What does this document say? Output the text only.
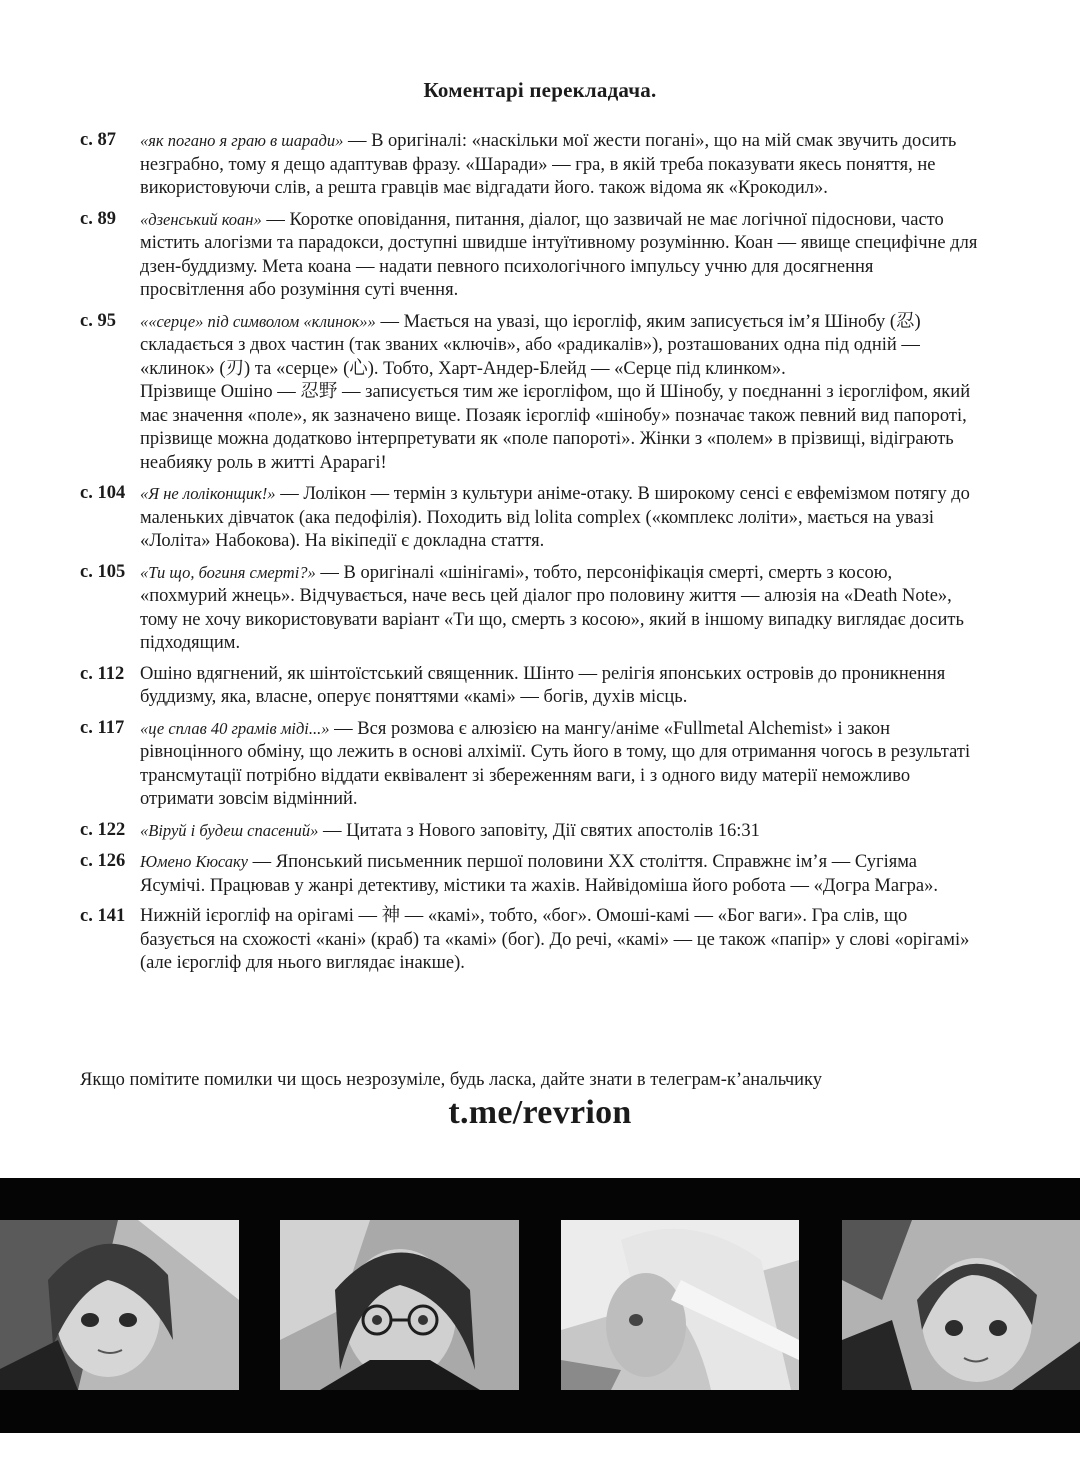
Коментарі перекладача.
с. 87	«як погано я граю в шаради» — В оригіналі: «наскільки мої жести погані», що на мій смак звучить досить незграбно, тому я дещо адаптував фразу. «Шаради» — гра, в якій треба показувати якесь поняття, не використовуючи слів, а решта гравців має відгадати його. також відома як «Крокодил».

с. 89	«дзенський коан» — Коротке оповідання, питання, діалог, що зазвичай не має логічної підоснови, часто містить алогізми та парадокси, доступні швидше інтуїтивному розумінню. Коан — явище специфічне для дзен-буддизму. Мета коана — надати певного психологічного імпульсу учню для досягнення просвітлення або розуміння суті вчення.

с. 95	««серце» під символом «клинок»» — Мається на увазі, що ієрогліф, яким записується ім’я Шінобу (忍) складається з двох частин (так званих «ключів», або «радикалів»), розташованих одна під одній — «клинок» (刃) та «серце» (心). Тобто, Харт-Андер-Блейд — «Серце під клинком».

Прізвище Ошіно — 忍野 — записується тим же ієрогліфом, що й Шінобу, у поєднанні з ієрогліфом, який має значення «поле», як зазначено вище. Позаяк ієрогліф «шінобу» позначає також певний вид папороті, прізвище можна додатково інтерпретувати як «поле папороті». Жінки з «полем» в прізвищі, відіграють неабияку роль в житті Арарагі!

с. 104 «Я не лоліконщик!» — Лолікон — термін з культури аніме-отаку. В широкому сенсі є евфемізмом потягу до маленьких дівчаток (ака педофілія). Походить від lolita complex («комплекс лоліти», мається на увазі «Лоліта» Набокова). На вікіпедії є докладна стаття.

с. 105 «Ти що, богиня смерті?» — В оригіналі «шінігамі», тобто, персоніфікація смерті, смерть з косою, «похмурий жнець». Відчувається, наче весь цей діалог про половину життя — алюзія на «Death Note», тому не хочу використовувати варіант «Ти що, смерть з косою», який в іншому випадку виглядає досить підходящим.

с. 112 Ошіно вдягнений, як шінтоїстський священник. Шінто — релігія японських островів до проникнення буддизму, яка, власне, оперує поняттями «камі» — богів, духів місць.

с. 117 «це сплав 40 грамів міді...» — Вся розмова є алюзією на мангу/аніме «Fullmetal Alchemist» і закон рівноцінного обміну, що лежить в основі алхімії. Суть його в тому, що для отримання чогось в результаті трансмутації потрібно віддати еквівалент зі збереженням ваги, і з одного виду матерії неможливо отримати зовсім відмінний.

с. 122 «Віруй і будеш спасений» — Цитата з Нового заповіту, Дії святих апостолів 16:31

с. 126 Юмено Кюсаку — Японський письменник першої половини XX століття. Справжнє ім’я — Сугіяма Ясумічі. Працював у жанрі детективу, містики та жахів. Найвідоміша його робота — «Догра Магра».

с. 141 Нижній ієрогліф на орігамі — 神 — «камі», тобто, «бог». Омоші-камі — «Бог ваги». Гра слів, що базується на схожості «кані» (краб) та «камі» (бог). До речі, «камі» — це також «папір» у слові «орігамі» (але ієрогліф для нього виглядає інакше).

Якщо помітите помилки чи щось незрозуміле, будь ласка, дайте знати в телеграм-к’анальчику
t.me/revrion
